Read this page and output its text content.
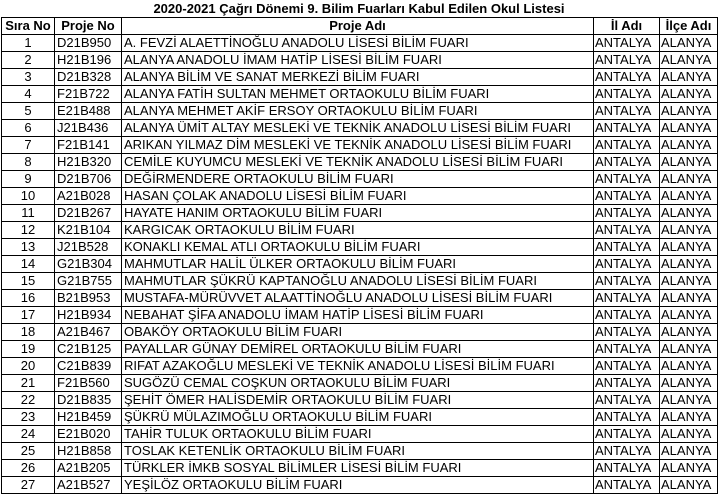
2020-2021 Çağrı Dönemi 9. Bilim Fuarları Kabul Edilen Okul Listesi
Sıra No	Proje No	Proje Adı	İl Adı	İlçe Adı
1	D21B950	A. FEVZİ ALAETTİNOĞLU ANADOLU LİSESİ BİLİM FUARI	ANTALYA	ALANYA
2	H21B196	ALANYA ANADOLU İMAM HATİP LİSESİ BİLİM FUARI	ANTALYA	ALANYA
3	D21B328	ALANYA BİLİM VE SANAT MERKEZİ BİLİM FUARI	ANTALYA	ALANYA
4	F21B722	ALANYA FATİH SULTAN MEHMET ORTAOKULU BİLİM FUARI	ANTALYA	ALANYA
5	E21B488	ALANYA MEHMET AKİF ERSOY ORTAOKULU BİLİM FUARI	ANTALYA	ALANYA
6	J21B436	ALANYA ÜMİT ALTAY MESLEKİ VE TEKNİK ANADOLU LİSESİ BİLİM FUARI	ANTALYA	ALANYA
7	F21B141	ARIKAN YILMAZ DİM MESLEKİ VE TEKNİK ANADOLU LİSESİ BİLİM FUARI	ANTALYA	ALANYA
8	H21B320	CEMİLE KUYUMCU MESLEKİ VE TEKNİK ANADOLU LİSESİ BİLİM FUARI	ANTALYA	ALANYA
9	D21B706	DEĞİRMENDERE ORTAOKULU BİLİM FUARI	ANTALYA	ALANYA
10	A21B028	HASAN ÇOLAK ANADOLU LİSESİ BİLİM FUARI	ANTALYA	ALANYA
11	D21B267	HAYATE HANIM ORTAOKULU BİLİM FUARI	ANTALYA	ALANYA
12	K21B104	KARGICAK ORTAOKULU BİLİM FUARI	ANTALYA	ALANYA
13	J21B528	KONAKLI KEMAL ATLI ORTAOKULU BİLİM FUARI	ANTALYA	ALANYA
14	G21B304	MAHMUTLAR HALİL ÜLKER ORTAOKULU BİLİM FUARI	ANTALYA	ALANYA
15	G21B755	MAHMUTLAR ŞÜKRÜ KAPTANOĞLU ANADOLU LİSESİ BİLİM FUARI	ANTALYA	ALANYA
16	B21B953	MUSTAFA-MÜRÜVVET ALAATTİNOĞLU ANADOLU LİSESİ BİLİM FUARI	ANTALYA	ALANYA
17	H21B934	NEBAHAT ŞİFA ANADOLU İMAM HATİP LİSESİ BİLİM FUARI	ANTALYA	ALANYA
18	A21B467	OBAKÖY ORTAOKULU BİLİM FUARI	ANTALYA	ALANYA
19	C21B125	PAYALLAR GÜNAY DEMİREL ORTAOKULU BİLİM FUARI	ANTALYA	ALANYA
20	C21B839	RIFAT AZAKOĞLU MESLEKİ VE TEKNİK ANADOLU LİSESİ BİLİM FUARI	ANTALYA	ALANYA
21	F21B560	SUGÖZÜ CEMAL COŞKUN ORTAOKULU BİLİM FUARI	ANTALYA	ALANYA
22	D21B835	ŞEHİT ÖMER HALİSDEMİR ORTAOKULU BİLİM FUARI	ANTALYA	ALANYA
23	H21B459	ŞÜKRÜ MÜLAZIMOĞLU ORTAOKULU BİLİM FUARI	ANTALYA	ALANYA
24	E21B020	TAHİR TULUK ORTAOKULU BİLİM FUARI	ANTALYA	ALANYA
25	H21B858	TOSLAK KETENLİK ORTAOKULU BİLİM FUARI	ANTALYA	ALANYA
26	A21B205	TÜRKLER İMKB SOSYAL BİLİMLER LİSESİ BİLİM FUARI	ANTALYA	ALANYA
27	A21B527	YEŞİLÖZ ORTAOKULU BİLİM FUARI	ANTALYA	ALANYA
